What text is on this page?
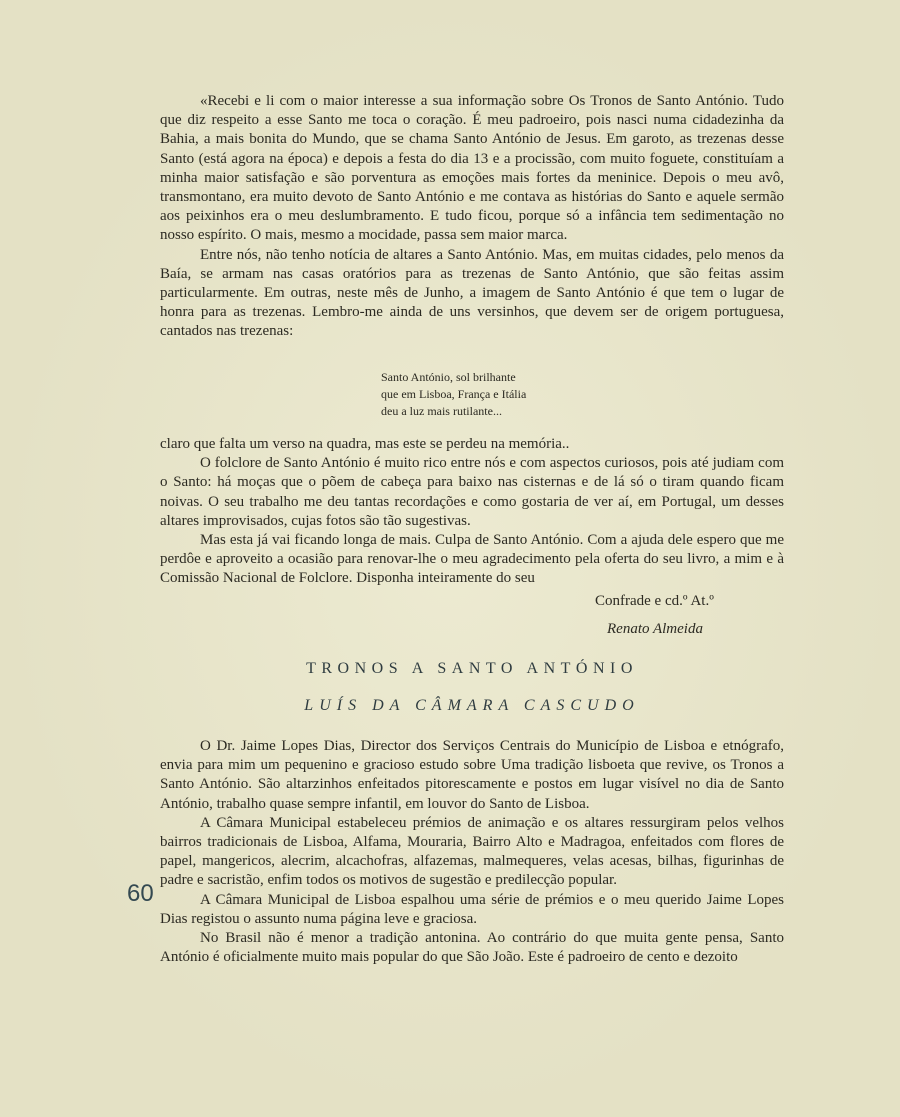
«Recebi e li com o maior interesse a sua informação sobre Os Tronos de Santo António. Tudo que diz respeito a esse Santo me toca o coração. É meu padroeiro, pois nasci numa cidadezinha da Bahia, a mais bonita do Mundo, que se chama Santo António de Jesus. Em garoto, as trezenas desse Santo (está agora na época) e depois a festa do dia 13 e a procissão, com muito foguete, constituíam a minha maior satisfação e são porventura as emoções mais fortes da meninice. Depois o meu avô, transmontano, era muito devoto de Santo António e me contava as histórias do Santo e aquele sermão aos peixinhos era o meu deslumbramento. E tudo ficou, porque só a infância tem sedimentação no nosso espírito. O mais, mesmo a mocidade, passa sem maior marca.

Entre nós, não tenho notícia de altares a Santo António. Mas, em muitas cidades, pelo menos da Baía, se armam nas casas oratórios para as trezenas de Santo António, que são feitas assim particularmente. Em outras, neste mês de Junho, a imagem de Santo António é que tem o lugar de honra para as trezenas. Lembro-me ainda de uns versinhos, que devem ser de origem portuguesa, cantados nas trezenas:

Santo António, sol brilhante
que em Lisboa, França e Itália
deu a luz mais rutilante...

claro que falta um verso na quadra, mas este se perdeu na memória..

O folclore de Santo António é muito rico entre nós e com aspectos curiosos, pois até judiam com o Santo: há moças que o põem de cabeça para baixo nas cisternas e de lá só o tiram quando ficam noivas. O seu trabalho me deu tantas recordações e como gostaria de ver aí, em Portugal, um desses altares improvisados, cujas fotos são tão sugestivas.

Mas esta já vai ficando longa de mais. Culpa de Santo António. Com a ajuda dele espero que me perdôe e aproveito a ocasião para renovar-lhe o meu agradecimento pela oferta do seu livro, a mim e à Comissão Nacional de Folclore. Disponha inteiramente do seu

Confrade e cd.º At.º
Renato Almeida
TRONOS A SANTO ANTÓNIO
LUÍS DA CÂMARA CASCUDO

O Dr. Jaime Lopes Dias, Director dos Serviços Centrais do Município de Lisboa e etnógrafo, envia para mim um pequenino e gracioso estudo sobre Uma tradição lisboeta que revive, os Tronos a Santo António. São altarzinhos enfeitados pitorescamente e postos em lugar visível no dia de Santo António, trabalho quase sempre infantil, em louvor do Santo de Lisboa.

A Câmara Municipal estabeleceu prémios de animação e os altares ressurgiram pelos velhos bairros tradicionais de Lisboa, Alfama, Mouraria, Bairro Alto e Madragoa, enfeitados com flores de papel, mangericos, alecrim, alcachofras, alfazemas, malmequeres, velas acesas, bilhas, figurinhas de padre e sacristão, enfim todos os motivos de sugestão e predilecção popular.

A Câmara Municipal de Lisboa espalhou uma série de prémios e o meu querido Jaime Lopes Dias registou o assunto numa página leve e graciosa.

No Brasil não é menor a tradição antonina. Ao contrário do que muita gente pensa, Santo António é oficialmente muito mais popular do que São João. Este é padroeiro de cento e dezoito

60
